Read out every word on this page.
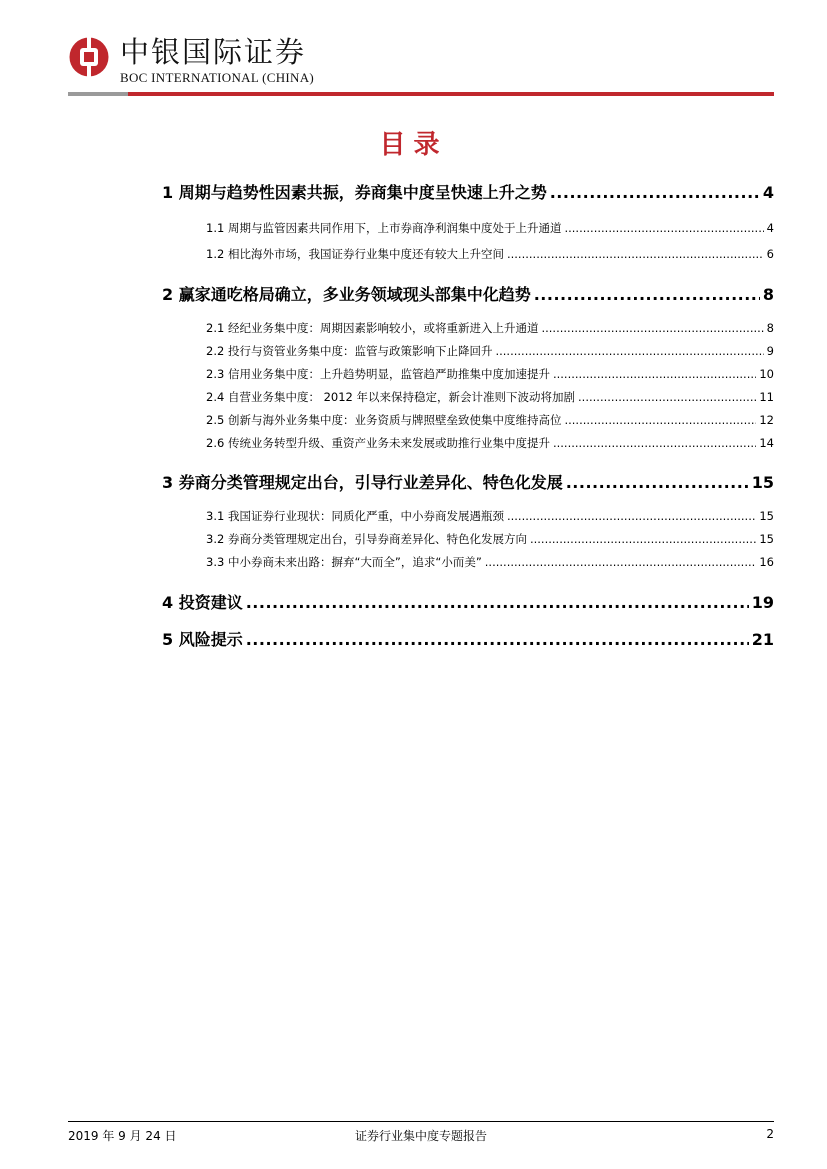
中银国际证券
BOC INTERNATIONAL (CHINA)
目录
1 周期与趋势性因素共振，券商集中度呈快速上升之势 .....	4
1.1 周期与监管因素共同作用下，上市券商净利润集中度处于上升通道 .....	4
1.2 相比海外市场，我国证券行业集中度还有较大上升空间 .....	6
2 赢家通吃格局确立，多业务领域现头部集中化趋势 .....	8
2.1 经纪业务集中度：周期因素影响较小，或将重新进入上升通道 .....	8
2.2 投行与资管业务集中度：监管与政策影响下止降回升 .....	9
2.3 信用业务集中度：上升趋势明显，监管趋严助推集中度加速提升 .....	10
2.4 自营业务集中度： 2012 年以来保持稳定，新会计准则下波动将加剧 .....	11
2.5 创新与海外业务集中度：业务资质与牌照壁垒致使集中度维持高位 .....	12
2.6 传统业务转型升级、重资产业务未来发展或助推行业集中度提升 .....	14
3 券商分类管理规定出台，引导行业差异化、特色化发展 .....	15
3.1 我国证券行业现状：同质化严重，中小券商发展遇瓶颈 .....	15
3.2 券商分类管理规定出台，引导券商差异化、特色化发展方向 .....	15
3.3 中小券商未来出路：摒弃“大而全”，追求“小而美” .....	16
4 投资建议 .....	19
5 风险提示 .....	21
2019 年 9 月 24 日	证券行业集中度专题报告	2
